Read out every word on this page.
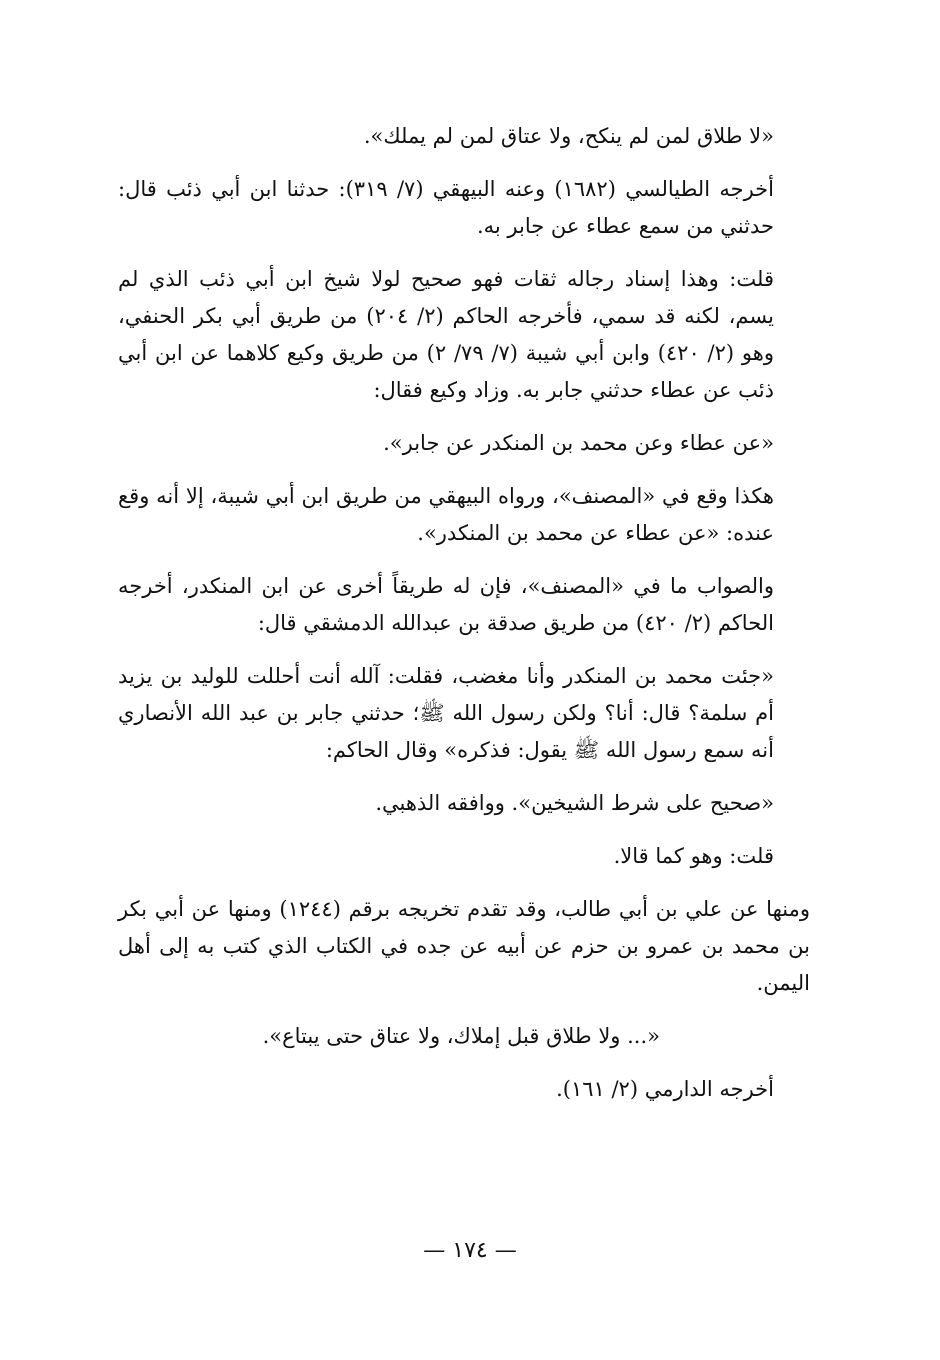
«لا طلاق لمن لم ينكح، ولا عتاق لمن لم يملك».

أخرجه الطيالسي (١٦٨٢) وعنه البيهقي (٧/ ٣١٩): حدثنا ابن أبي ذئب قال: حدثني من سمع عطاء عن جابر به.

قلت: وهذا إسناد رجاله ثقات فهو صحيح لولا شيخ ابن أبي ذئب الذي لم يسم، لكنه قد سمي، فأخرجه الحاكم (٢/ ٢٠٤) من طريق أبي بكر الحنفي، وهو (٢/ ٤٢٠) وابن أبي شيبة (٧/ ٧٩/ ٢) من طريق وكيع كلاهما عن ابن أبي ذئب عن عطاء حدثني جابر به. وزاد وكيع فقال:

«عن عطاء وعن محمد بن المنكدر عن جابر».

هكذا وقع في «المصنف»، ورواه البيهقي من طريق ابن أبي شيبة، إلا أنه وقع عنده: «عن عطاء عن محمد بن المنكدر».

والصواب ما في «المصنف»، فإن له طريقاً أخرى عن ابن المنكدر، أخرجه الحاكم (٢/ ٤٢٠) من طريق صدقة بن عبدالله الدمشقي قال:

«جئت محمد بن المنكدر وأنا مغضب، فقلت: آلله أنت أحللت للوليد بن يزيد أم سلمة؟ قال: أنا؟ ولكن رسول الله ﷺ؛ حدثني جابر بن عبد الله الأنصاري أنه سمع رسول الله ﷺ يقول: فذكره» وقال الحاكم:

«صحيح على شرط الشيخين». ووافقه الذهبي.

قلت: وهو كما قالا.

ومنها عن علي بن أبي طالب، وقد تقدم تخريجه برقم (١٢٤٤) ومنها عن أبي بكر بن محمد بن عمرو بن حزم عن أبيه عن جده في الكتاب الذي كتب به إلى أهل اليمن.

«... ولا طلاق قبل إملاك، ولا عتاق حتى يبتاع».

أخرجه الدارمي (٢/ ١٦١).

— ١٧٤ —
